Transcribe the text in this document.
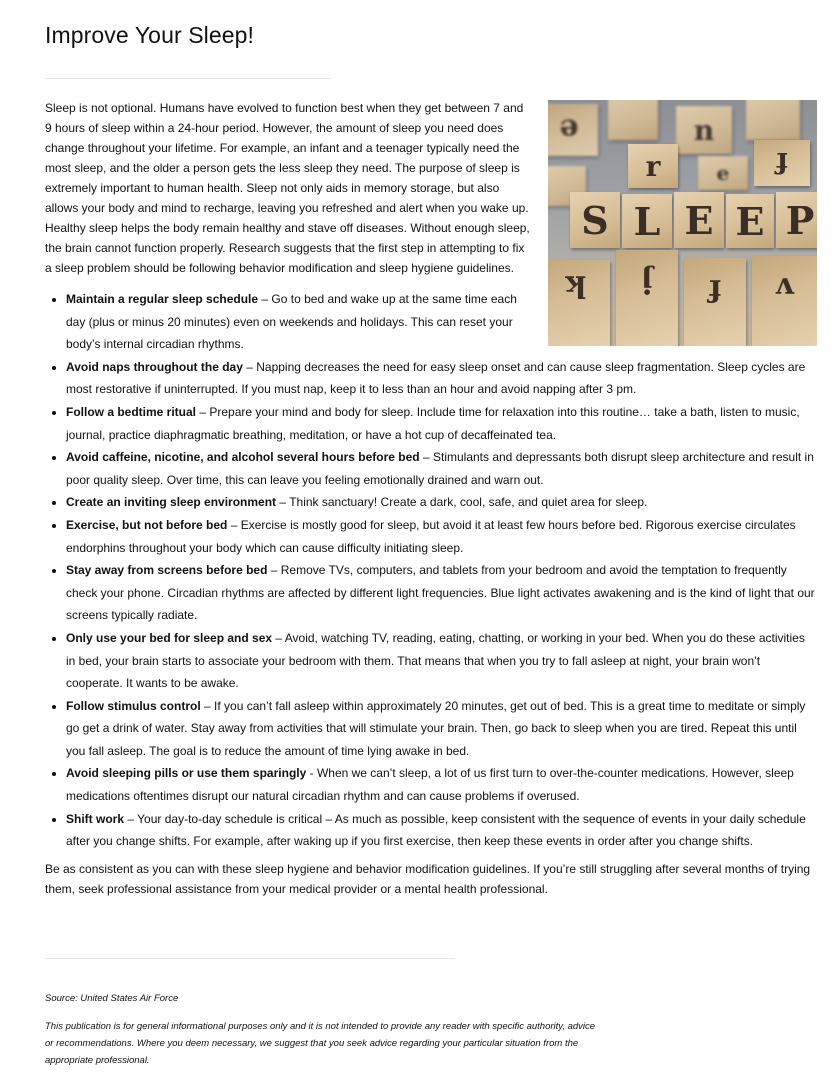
Improve Your Sleep!
e	n
r	f
e
S L E E P
k	j	f	v

Sleep is not optional. Humans have evolved to function best when they get between 7 and 9 hours of sleep within a 24-hour period. However, the amount of sleep you need does change throughout your lifetime. For example, an infant and a teenager typically need the most sleep, and the older a person gets the less sleep they need. The purpose of sleep is extremely important to human health. Sleep not only aids in memory storage, but also allows your body and mind to recharge, leaving you refreshed and alert when you wake up. Healthy sleep helps the body remain healthy and stave off diseases. Without enough sleep, the brain cannot function properly. Research suggests that the first step in attempting to fix a sleep problem should be following behavior modification and sleep hygiene guidelines.

• Maintain a regular sleep schedule – Go to bed and wake up at the same time each day (plus or minus 20 minutes) even on weekends and holidays. This can reset your body’s internal circadian rhythms.
• Avoid naps throughout the day – Napping decreases the need for easy sleep onset and can cause sleep fragmentation. Sleep cycles are most restorative if uninterrupted. If you must nap, keep it to less than an hour and avoid napping after 3 pm.
• Follow a bedtime ritual – Prepare your mind and body for sleep. Include time for relaxation into this routine… take a bath, listen to music, journal, practice diaphragmatic breathing, meditation, or have a hot cup of decaffeinated tea.
• Avoid caffeine, nicotine, and alcohol several hours before bed – Stimulants and depressants both disrupt sleep architecture and result in poor quality sleep. Over time, this can leave you feeling emotionally drained and warn out.
• Create an inviting sleep environment – Think sanctuary! Create a dark, cool, safe, and quiet area for sleep.
• Exercise, but not before bed – Exercise is mostly good for sleep, but avoid it at least few hours before bed. Rigorous exercise circulates endorphins throughout your body which can cause difficulty initiating sleep.
• Stay away from screens before bed – Remove TVs, computers, and tablets from your bedroom and avoid the temptation to frequently check your phone. Circadian rhythms are affected by different light frequencies. Blue light activates awakening and is the kind of light that our screens typically radiate.
• Only use your bed for sleep and sex – Avoid, watching TV, reading, eating, chatting, or working in your bed. When you do these activities in bed, your brain starts to associate your bedroom with them. That means that when you try to fall asleep at night, your brain won’t cooperate. It wants to be awake.
• Follow stimulus control – If you can’t fall asleep within approximately 20 minutes, get out of bed. This is a great time to meditate or simply go get a drink of water. Stay away from activities that will stimulate your brain. Then, go back to sleep when you are tired. Repeat this until you fall asleep. The goal is to reduce the amount of time lying awake in bed.
• Avoid sleeping pills or use them sparingly - When we can’t sleep, a lot of us first turn to over-the-counter medications. However, sleep medications oftentimes disrupt our natural circadian rhythm and can cause problems if overused.
• Shift work – Your day-to-day schedule is critical – As much as possible, keep consistent with the sequence of events in your daily schedule after you change shifts. For example, after waking up if you first exercise, then keep these events in order after you change shifts.

Be as consistent as you can with these sleep hygiene and behavior modification guidelines. If you’re still struggling after several months of trying them, seek professional assistance from your medical provider or a mental health professional.

Source: United States Air Force
This publication is for general informational purposes only and it is not intended to provide any reader with specific authority, advice or recommendations. Where you deem necessary, we suggest that you seek advice regarding your particular situation from the appropriate professional.
